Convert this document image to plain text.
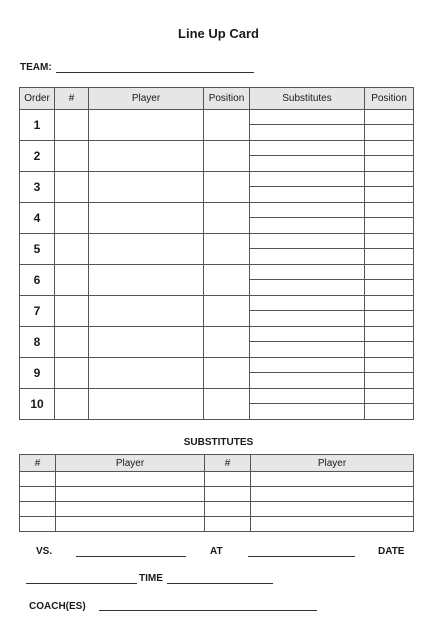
Line Up Card
TEAM:
Order	#	Player	Position	Substitutes	Position
1				

2				

3				

4				

5				

6				

7				

8				

9				

10				

SUBSTITUTES
#	Player	#	Player

VS.	AT	DATE
TIME
COACH(ES)
